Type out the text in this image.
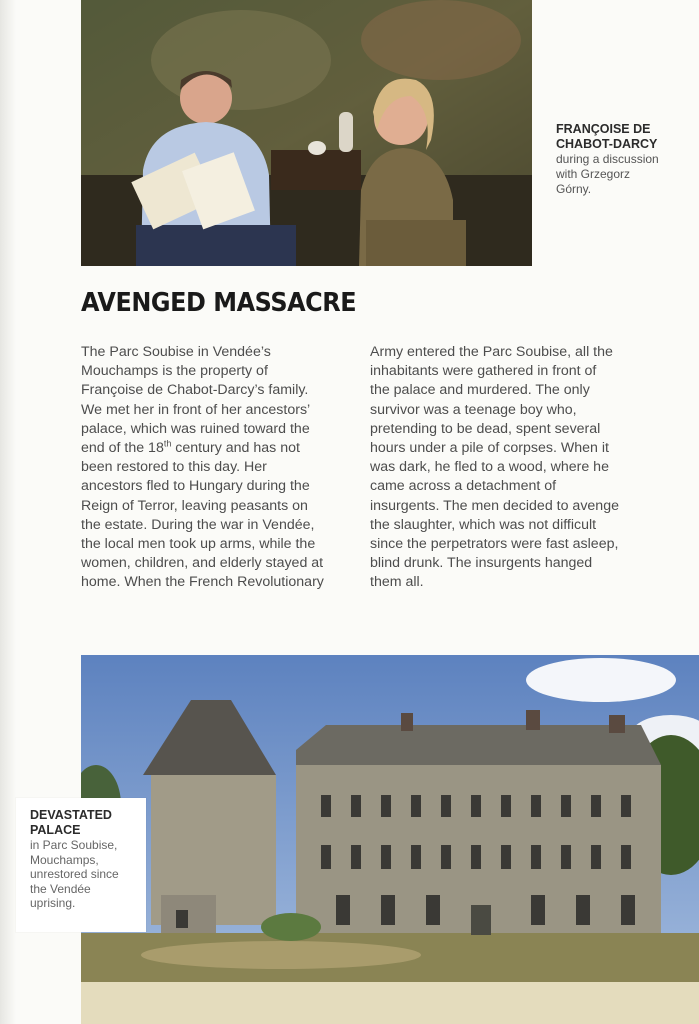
FRANÇOISE DE
CHABOT-DARCY
during a discussion
with Grzegorz
Górny.
AVENGED MASSACRE

The Parc Soubise in Vendée’s Mouchamps is the property of Françoise de Chabot-Darcy’s family. We met her in front of her ancestors’ palace, which was ruined toward the end of the 18th century and has not been restored to this day. Her ancestors fled to Hungary during the Reign of Terror, leaving peasants on the estate. During the war in Vendée, the local men took up arms, while the women, children, and elderly stayed at home. When the French Revolutionary

Army entered the Parc Soubise, all the inhabitants were gathered in front of the palace and murdered. The only survivor was a teenage boy who, pretending to be dead, spent several hours under a pile of corpses. When it was dark, he fled to a wood, where he came across a detachment of insurgents. The men decided to avenge the slaughter, which was not difficult since the perpetrators were fast asleep, blind drunk. The insurgents hanged them all.

DEVASTATED
PALACE
in Parc Soubise,
Mouchamps,
unrestored since
the Vendée
uprising.
